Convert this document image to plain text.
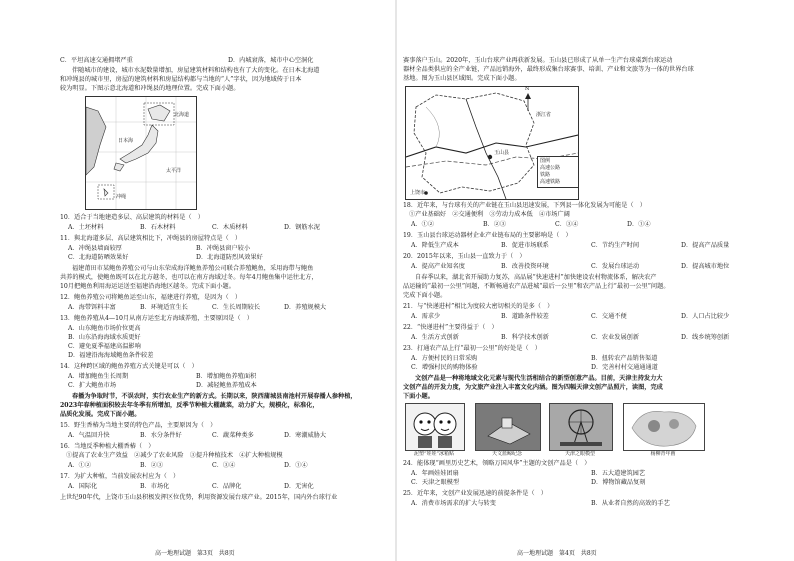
C．平坦高速交通拥堵严重	D．内城衰落，城市中心空洞化
伴随城市的建设，城市水泥数量增加，房屋建筑材料和结构也有了大的变化。在日本北海道
和冲绳县的城市里，房屋的建筑材料和房屋结构都与当地的“人”字状，因为地域传于日本
较为明显。下图示意北海道和冲绳县的地理位置。完成下面小题。
日本海
太平洋
北海道
冲绳
10．适合于当地建造多层、高层建筑的材料是（　）
A．土坯材料	B．石木材料	C．木质材料	D．钢筋水泥
11．與北海道多层、高层建筑相比下，冲绳县的房屋特点是（　）
A．冲绳县墙面较厚	B．冲绳县窗户较小
C．北海道防晒效果好	D．北海道防烈风效果好
福建莆田市某鲍鱼养殖公司与山东荣成海洋鲍鱼养殖公司联合养殖鲍鱼，采用海带与鲍鱼
共养的模式，使鲍鱼既可以在北方越冬，也可以在南方海域过冬。每年4月鲍鱼集中运往北方，
10月把鲍鱼利用海运运送至福建沿海地区越冬。完成下面小题。
12．鲍鱼养殖公司将鲍鱼运至山东，福建进行养殖，是因为（　）
A．海带饵料丰富	B．环境适宜生长	C．生长周期较长	D．养殖规模大
13．鲍鱼养殖从4—10月从南方运至北方海域养殖，主要原因是（　）
A．山东鲍鱼市场价位更高
B．山东沿海海域水质更好
C．避免夏季福建高温影响
D．福建沿海海域鲍鱼条件较差
14．这种跨区域的鲍鱼养殖方式关键是可以（　）
A．增加鲍鱼生长周期	B．增加鲍鱼养殖面积
C．扩大鲍鱼市场	D．减轻鲍鱼养殖成本
春播为争取时节，不误农时，实行农业生产的新方式。长期以来，陕西蒲城县南池村开展春播人参种植，
2023年春种植面积较去年冬季有所增加，反季节种植大棚蔬菜，动力扩大，规模化，标准化，
品质化发展。完成下面小题。
15．野生香椿为当地主要的特色产品，主要原因为（　）
A．气温回升快	B．水分条件好	C．蔬菜种类多	D．寒潮威胁大
16．当地反季种植大棚香椿（　）
①提高了农业生产效益　②减少了农业风险　③提升种植技术　④扩大种植规模
A．①②	B．②③	C．③④	D．①④
17．为扩大种植，当前发展农村应为（　）
A．国际化	B．市场化	C．品牌化	D．无害化
上世纪90年代，上饶市玉山县积极发挥区位优势，利用资源发展台球产业。2015年，国内外台球行业
高一地理试题　第3页　共8页
赛事落户玉山。2020年，玉山台球产业再获新发展。玉山县已形成了从单一生产台球桌到台球运动
器材全品类供应的全产业链，产品远销海外，最终形成集台球赛事、培训、产业和文旅等为一体的世界台球
基地。图为玉山县区域图。完成下面小题。
N
玉山县
上饶市
浙江省
图例
高速公路
铁路
高速铁路
18．近年来，与台球有关的产业链在玉山县迅速发展，下列县一体化发展为可能是（　）
①产业基础好　②交通便利　③劳动力成本低　④市场广阔
A．①②	B．②③	C．③④	D．①④
19．玉山县台球运动器材企业产业链布局的主要影响是（　）
A．降低生产成本	B．促进市场联系	C．节约生产时间	D．提高产品质量
20．2015年以来，玉山县一直致力于（　）
A．提高产业知名度	B．改善投资环境	C．发展台球运动	D．提高城市地位
自春季以来，湖北省开展助力复苏，高品展“快速进村”加快建设农村物流体系，解决农产
品运输的“最初一公里”问题，不断畅通农产品进城“最后一公里”和农产品上行“最初一公里”问题。
完成下面小题。
21．与“快递进村”相比为度较大密切相关的是多（　）
A．需求少	B．道路条件较差	C．交通不便	D．人口占比较少
22．“快递进村”主要得益于（　）
A．生活方式创新	B．科学技术创新	C．农业发展创新	D．线乡统筹创新
23．打通农产品上行“最初一公里”的好处是（　）
A．方便村民的日常采购	B．扭转农产品销售渠道
C．增强村民的购物体验	D．完善村村交通通通道
文创产品是一种将地域文化元素与现代生活相结合的新型创意产品。目前，天津主持发力大
文创产品的开发力度，为文旅产业注入丰富文化内涵。图为四幅天津文创产品照片，读图，完成
下面小题。
泥塑“娃娃”冰箱贴	天文蓝鲸纪念	天津之眼模型	杨柳青年画
24．能体现“画里历史艺术，领略万国风华”主题的文创产品是（　）
A．年画娃娃团扇	B．五大道建筑园艺
C．天津之眼模型	D．博物馆藏品复刻
25．近年来，文创产业发展迅速的前提条件是（　）
A．消费市场需求的扩大与转变	B．从业者自然的高效的手艺
高一地理试题　第4页　共8页
